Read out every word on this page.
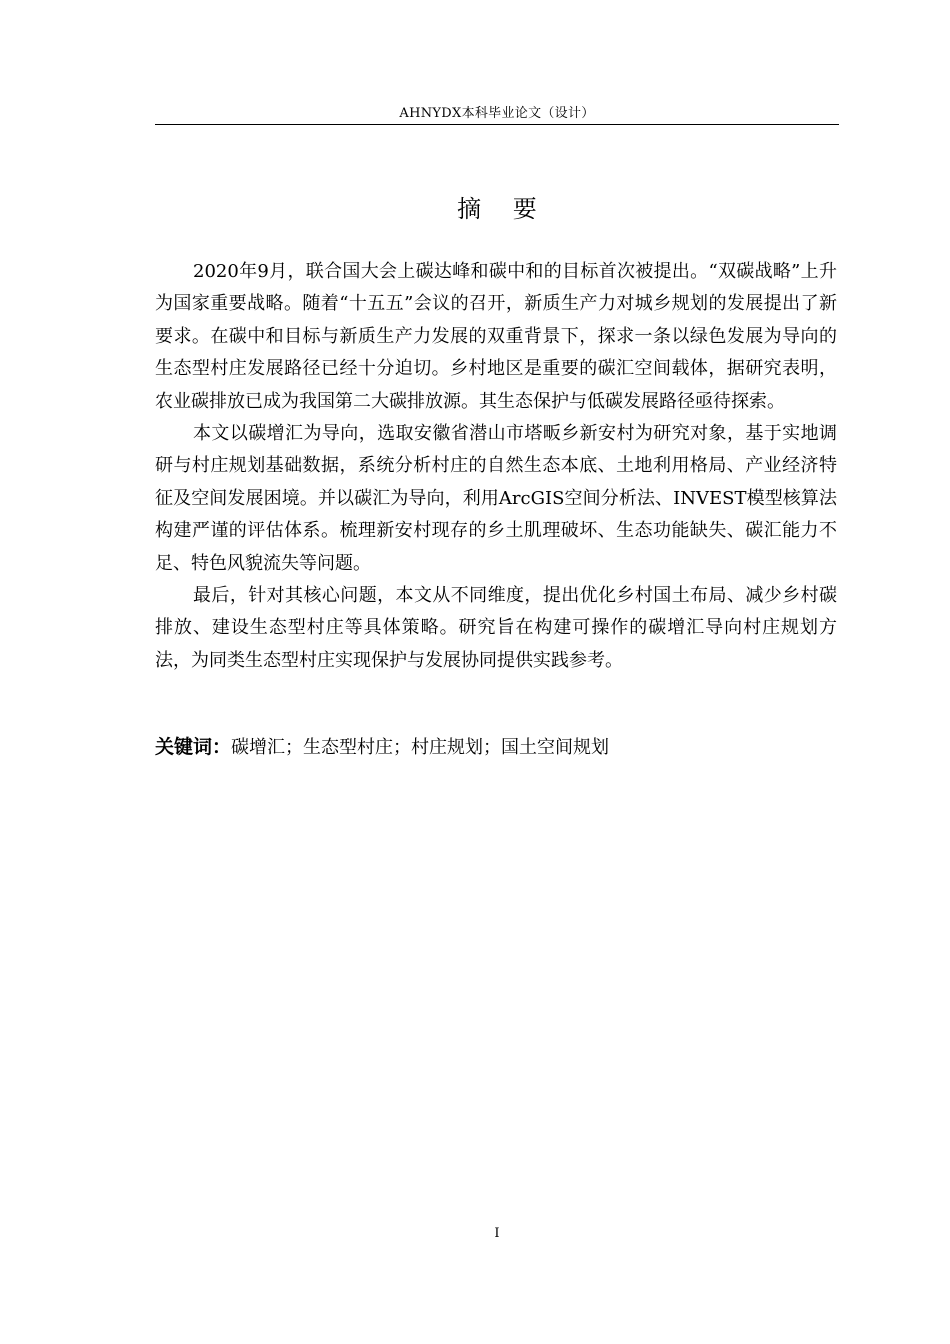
AHNYDX本科毕业论文（设计）
摘 要

2020年9月，联合国大会上碳达峰和碳中和的目标首次被提出。“双碳战略”上升为国家重要战略。随着“十五五”会议的召开，新质生产力对城乡规划的发展提出了新要求。在碳中和目标与新质生产力发展的双重背景下，探求一条以绿色发展为导向的生态型村庄发展路径已经十分迫切。乡村地区是重要的碳汇空间载体，据研究表明，农业碳排放已成为我国第二大碳排放源。其生态保护与低碳发展路径亟待探索。

本文以碳增汇为导向，选取安徽省潜山市塔畈乡新安村为研究对象，基于实地调研与村庄规划基础数据，系统分析村庄的自然生态本底、土地利用格局、产业经济特征及空间发展困境。并以碳汇为导向，利用ArcGIS空间分析法、INVEST模型核算法构建严谨的评估体系。梳理新安村现存的乡土肌理破坏、生态功能缺失、碳汇能力不足、特色风貌流失等问题。

最后，针对其核心问题，本文从不同维度，提出优化乡村国土布局、减少乡村碳排放、建设生态型村庄等具体策略。研究旨在构建可操作的碳增汇导向村庄规划方法，为同类生态型村庄实现保护与发展协同提供实践参考。

关键词：碳增汇；生态型村庄；村庄规划；国土空间规划
I
